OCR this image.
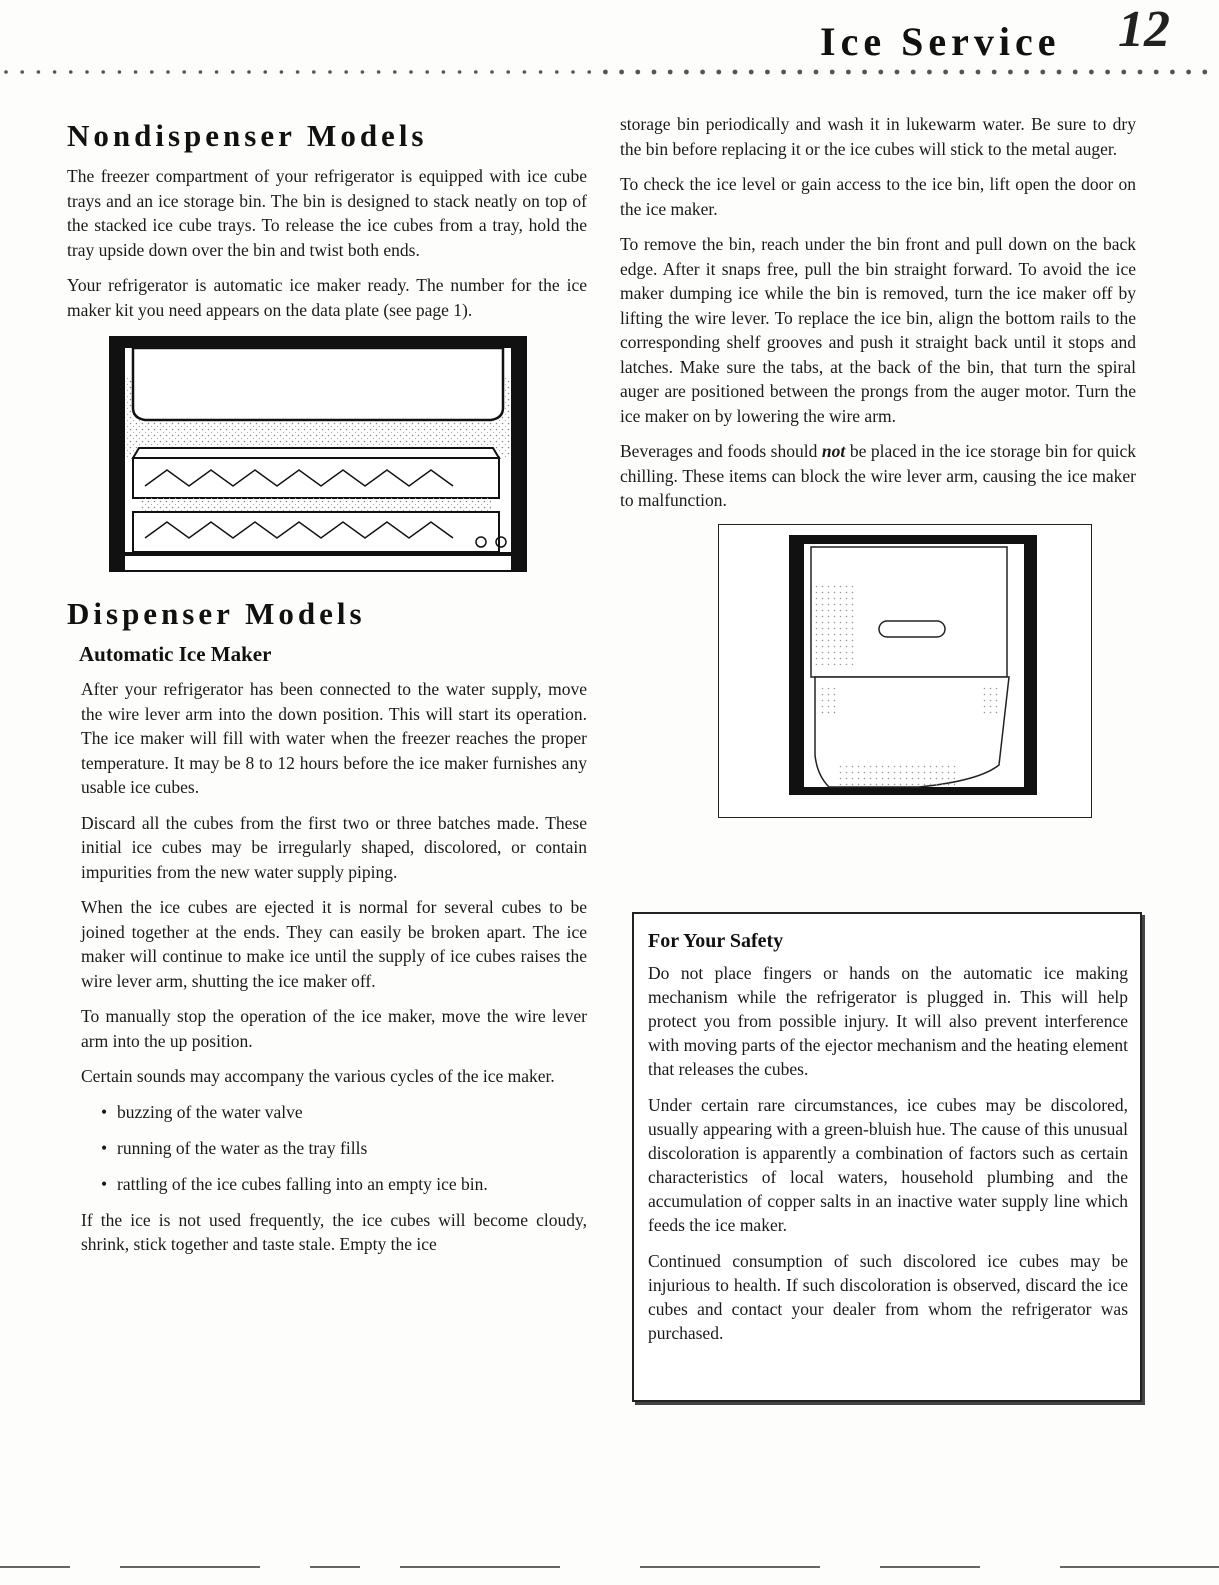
Ice Service 12
Nondispenser Models

The freezer compartment of your refrigerator is equipped with ice cube trays and an ice storage bin. The bin is designed to stack neatly on top of the stacked ice cube trays. To release the ice cubes from a tray, hold the tray upside down over the bin and twist both ends.

Your refrigerator is automatic ice maker ready. The number for the ice maker kit you need appears on the data plate (see page 1).

Dispenser Models
Automatic Ice Maker

After your refrigerator has been connected to the water supply, move the wire lever arm into the down position. This will start its operation. The ice maker will fill with water when the freezer reaches the proper temperature. It may be 8 to 12 hours before the ice maker furnishes any usable ice cubes.

Discard all the cubes from the first two or three batches made. These initial ice cubes may be irregularly shaped, discolored, or contain impurities from the new water supply piping.

When the ice cubes are ejected it is normal for several cubes to be joined together at the ends. They can easily be broken apart. The ice maker will continue to make ice until the supply of ice cubes raises the wire lever arm, shutting the ice maker off.

To manually stop the operation of the ice maker, move the wire lever arm into the up position.

Certain sounds may accompany the various cycles of the ice maker.

• buzzing of the water valve
• running of the water as the tray fills
• rattling of the ice cubes falling into an empty ice bin.

If the ice is not used frequently, the ice cubes will become cloudy, shrink, stick together and taste stale. Empty the ice

storage bin periodically and wash it in lukewarm water. Be sure to dry the bin before replacing it or the ice cubes will stick to the metal auger.

To check the ice level or gain access to the ice bin, lift open the door on the ice maker.

To remove the bin, reach under the bin front and pull down on the back edge. After it snaps free, pull the bin straight forward. To avoid the ice maker dumping ice while the bin is removed, turn the ice maker off by lifting the wire lever. To replace the ice bin, align the bottom rails to the corresponding shelf grooves and push it straight back until it stops and latches. Make sure the tabs, at the back of the bin, that turn the spiral auger are positioned between the prongs from the auger motor. Turn the ice maker on by lowering the wire arm.

Beverages and foods should not be placed in the ice storage bin for quick chilling. These items can block the wire lever arm, causing the ice maker to malfunction.

For Your Safety

Do not place fingers or hands on the automatic ice making mechanism while the refrigerator is plugged in. This will help protect you from possible injury. It will also prevent interference with moving parts of the ejector mechanism and the heating element that releases the cubes.

Under certain rare circumstances, ice cubes may be discolored, usually appearing with a green-bluish hue. The cause of this unusual discoloration is apparently a combination of factors such as certain characteristics of local waters, household plumbing and the accumulation of copper salts in an inactive water supply line which feeds the ice maker.

Continued consumption of such discolored ice cubes may be injurious to health. If such discoloration is observed, discard the ice cubes and contact your dealer from whom the refrigerator was purchased.
